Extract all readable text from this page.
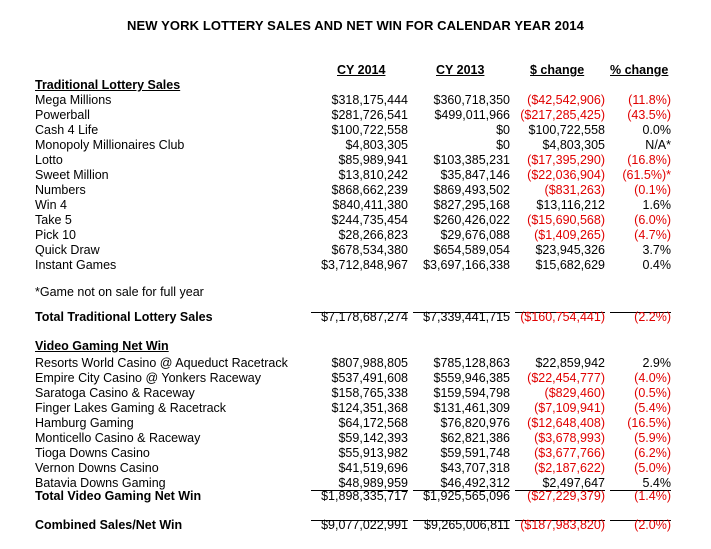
NEW YORK LOTTERY SALES AND NET WIN FOR CALENDAR YEAR 2014
CY 2014	CY 2013	$ change % change
Traditional Lottery Sales
Mega Millions	$318,175,444 $360,718,350 ($42,542,906) (11.8%)
Powerball	$281,726,541 $499,011,966 ($217,285,425) (43.5%)
Cash 4 Life	$100,722,558	$0 $100,722,558	0.0%
Monopoly Millionaires Club	$4,803,305	$0	$4,803,305	N/A*
Lotto	$85,989,941 $103,385,231 ($17,395,290) (16.8%)
Sweet Million	$13,810,242	$35,847,146 ($22,036,904) (61.5%)*
Numbers	$868,662,239 $869,493,502	($831,263) (0.1%)
Win 4	$840,411,380 $827,295,168 $13,116,212	1.6%
Take 5	$244,735,454 $260,426,022 ($15,690,568) (6.0%)
Pick 10	$28,266,823	$29,676,088 ($1,409,265) (4.7%)
Quick Draw	$678,534,380 $654,589,054 $23,945,326	3.7%
Instant Games	$3,712,848,967 $3,697,166,338 $15,682,629	0.4%
*Game not on sale for full year
Total Traditional Lottery Sales	$7,178,687,274 $7,339,441,715 ($160,754,441) (2.2%)
Video Gaming Net Win
Resorts World Casino @ Aqueduct Racetrack	$807,988,805 $785,128,863 $22,859,942	2.9%
Empire City Casino @ Yonkers Raceway	$537,491,608 $559,946,385 ($22,454,777) (4.0%)
Saratoga Casino & Raceway	$158,765,338 $159,594,798	($829,460) (0.5%)
Finger Lakes Gaming & Racetrack	$124,351,368 $131,461,309 ($7,109,941) (5.4%)
Hamburg Gaming	$64,172,568	$76,820,976 ($12,648,408) (16.5%)
Monticello Casino & Raceway	$59,142,393	$62,821,386 ($3,678,993) (5.9%)
Tioga Downs Casino	$55,913,982	$59,591,748 ($3,677,766) (6.2%)
Vernon Downs Casino	$41,519,696	$43,707,318 ($2,187,622) (5.0%)
Batavia Downs Gaming	$48,989,959	$46,492,312	$2,497,647	5.4%
Total Video Gaming Net Win	$1,898,335,717 $1,925,565,096 ($27,229,379) (1.4%)
Combined Sales/Net Win	$9,077,022,991 $9,265,006,811 ($187,983,820) (2.0%)
